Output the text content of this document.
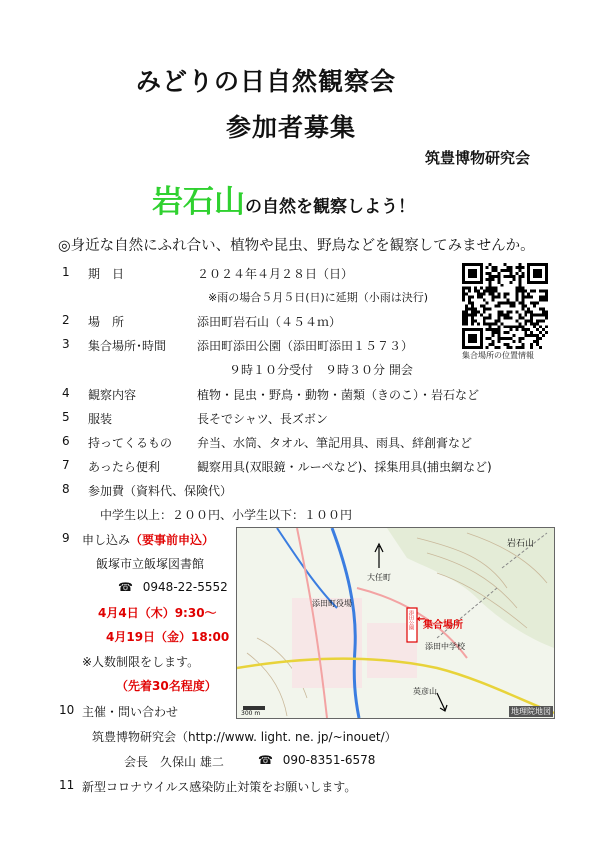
みどりの日自然観察会
参加者募集
筑豊博物研究会
岩石山の自然を観察しよう！
◎身近な自然にふれ合い、植物や昆虫、野鳥などを観察してみませんか。
1 期　日	２０２４年４月２８日（日）
※雨の場合５月５日(日)に延期（小雨は決行)
2 場　所	添田町岩石山（４５４ｍ）
3 集合場所･時間	添田町添田公園（添田町添田１５７３）
９時１０分受付　９時３０分 開会
4 観察内容	植物・昆虫・野鳥・動物・菌類（きのこ）・岩石など
5 服装	長そでシャツ、長ズボン
6 持ってくるもの 弁当、水筒、タオル、筆記用具、雨具、絆創膏など
7 あったら便利	観察用具(双眼鏡・ルーペなど)、採集用具(捕虫網など)
8 参加費（資料代、保険代）
中学生以上：２００円、小学生以下：１００円
9 申し込み（要事前申込）
飯塚市立飯塚図書館
☎ 0948-22-5552
4月4日（木）9:30～
4月19日（金）18:00
※人数制限をします。
（先着30名程度）
10 主催・問い合わせ
筑豊博物研究会（http://www. light. ne. jp/~inouet/）
会長　久保山 雄二	☎ 090-8351-6578
11 新型コロナウイルス感染防止対策をお願いします。
集合場所の位置情報
岩石山
大任町
添田町役場
添田公園 集合場所
←
添田中学校
英彦山
300 m	地理院地図
